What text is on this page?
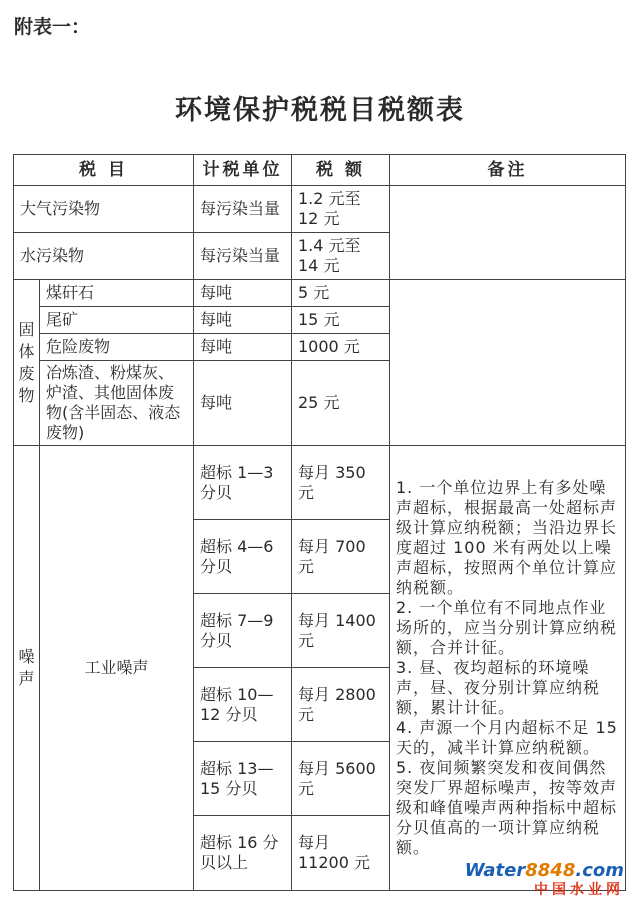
附表一：
环境保护税税目税额表
税 目		计税单位	税 额	备注
大气污染物		每污染当量	1.2 元至 12 元	
水污染物		每污染当量	1.4 元至 14 元	
固体废物	煤矸石	每吨	5 元	
	尾矿	每吨	15 元	
	危险废物	每吨	1000 元	
	冶炼渣、粉煤灰、炉渣、其他固体废物(含半固态、液态废物)	每吨	25 元	
噪声	工业噪声	超标 1—3 分贝	每月 350 元	1. 一个单位边界上有多处噪声超标，根据最高一处超标声级计算应纳税额；当沿边界长度超过 100 米有两处以上噪声超标，按照两个单位计算应纳税额。

2. 一个单位有不同地点作业场所的，应当分别计算应纳税额，合并计征。

3. 昼、夜均超标的环境噪声，昼、夜分别计算应纳税额，累计计征。

4. 声源一个月内超标不足 15 天的，减半计算应纳税额。

5. 夜间频繁突发和夜间偶然突发厂界超标噪声，按等效声级和峰值噪声两种指标中超标分贝值高的一项计算应纳税额。

		超标 4—6 分贝	每月 700 元	
		超标 7—9 分贝	每月 1400 元	
		超标 10—12 分贝	每月 2800 元	
		超标 13—15 分贝	每月 5600 元	
		超标 16 分贝以上	每月 11200 元		Water8848.com
中国水业网
